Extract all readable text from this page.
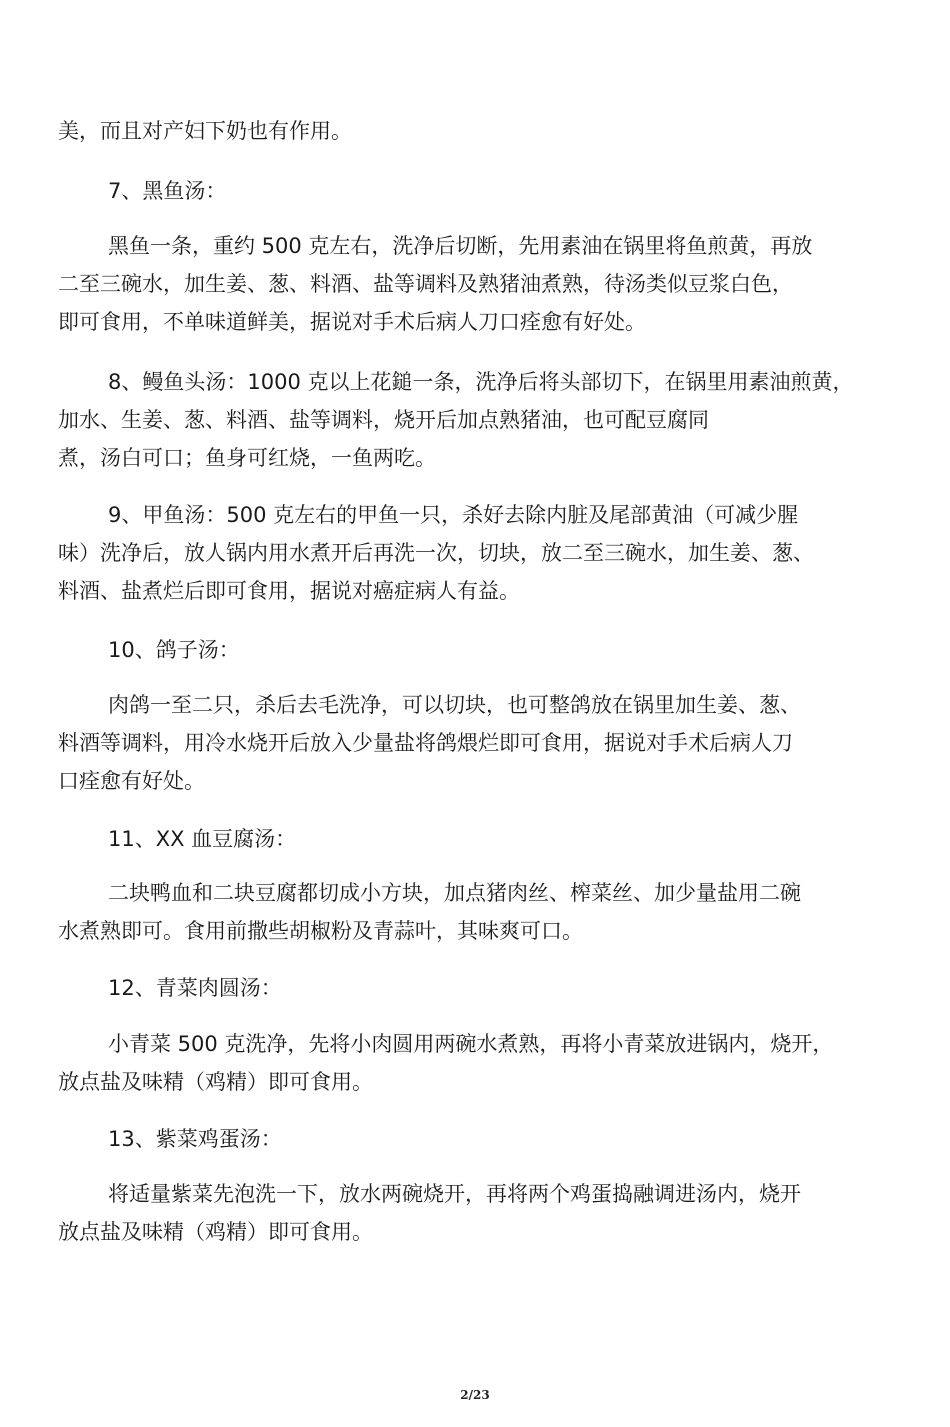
美，而且对产妇下奶也有作用。
7、黑鱼汤：
黑鱼一条，重约 500 克左右，洗净后切断，先用素油在锅里将鱼煎黄，再放
二至三碗水，加生姜、葱、料酒、盐等调料及熟猪油煮熟，待汤类似豆浆白色，
即可食用，不单味道鲜美，据说对手术后病人刀口痊愈有好处。
8、鳗鱼头汤：1000 克以上花鎚一条，洗净后将头部切下，在锅里用素油煎黄，
加水、生姜、葱、料酒、盐等调料，烧开后加点熟猪油，也可配豆腐同
煮，汤白可口；鱼身可红烧，一鱼两吃。
9、甲鱼汤：500 克左右的甲鱼一只，杀好去除内脏及尾部黄油（可减少腥
味）洗净后，放人锅内用水煮开后再洗一次，切块，放二至三碗水，加生姜、葱、
料酒、盐煮烂后即可食用，据说对癌症病人有益。
10、鸽子汤：
肉鸽一至二只，杀后去毛洗净，可以切块，也可整鸽放在锅里加生姜、葱、
料酒等调料，用冷水烧开后放入少量盐将鸽煨烂即可食用，据说对手术后病人刀
口痊愈有好处。
11、XX 血豆腐汤：
二块鸭血和二块豆腐都切成小方块，加点猪肉丝、榨菜丝、加少量盐用二碗
水煮熟即可。食用前撒些胡椒粉及青蒜叶，其味爽可口。
12、青菜肉圆汤：
小青菜 500 克洗净，先将小肉圆用两碗水煮熟，再将小青菜放进锅内，烧开，
放点盐及味精（鸡精）即可食用。
13、紫菜鸡蛋汤：
将适量紫菜先泡洗一下，放水两碗烧开，再将两个鸡蛋捣融调进汤内，烧开
放点盐及味精（鸡精）即可食用。
2/23
